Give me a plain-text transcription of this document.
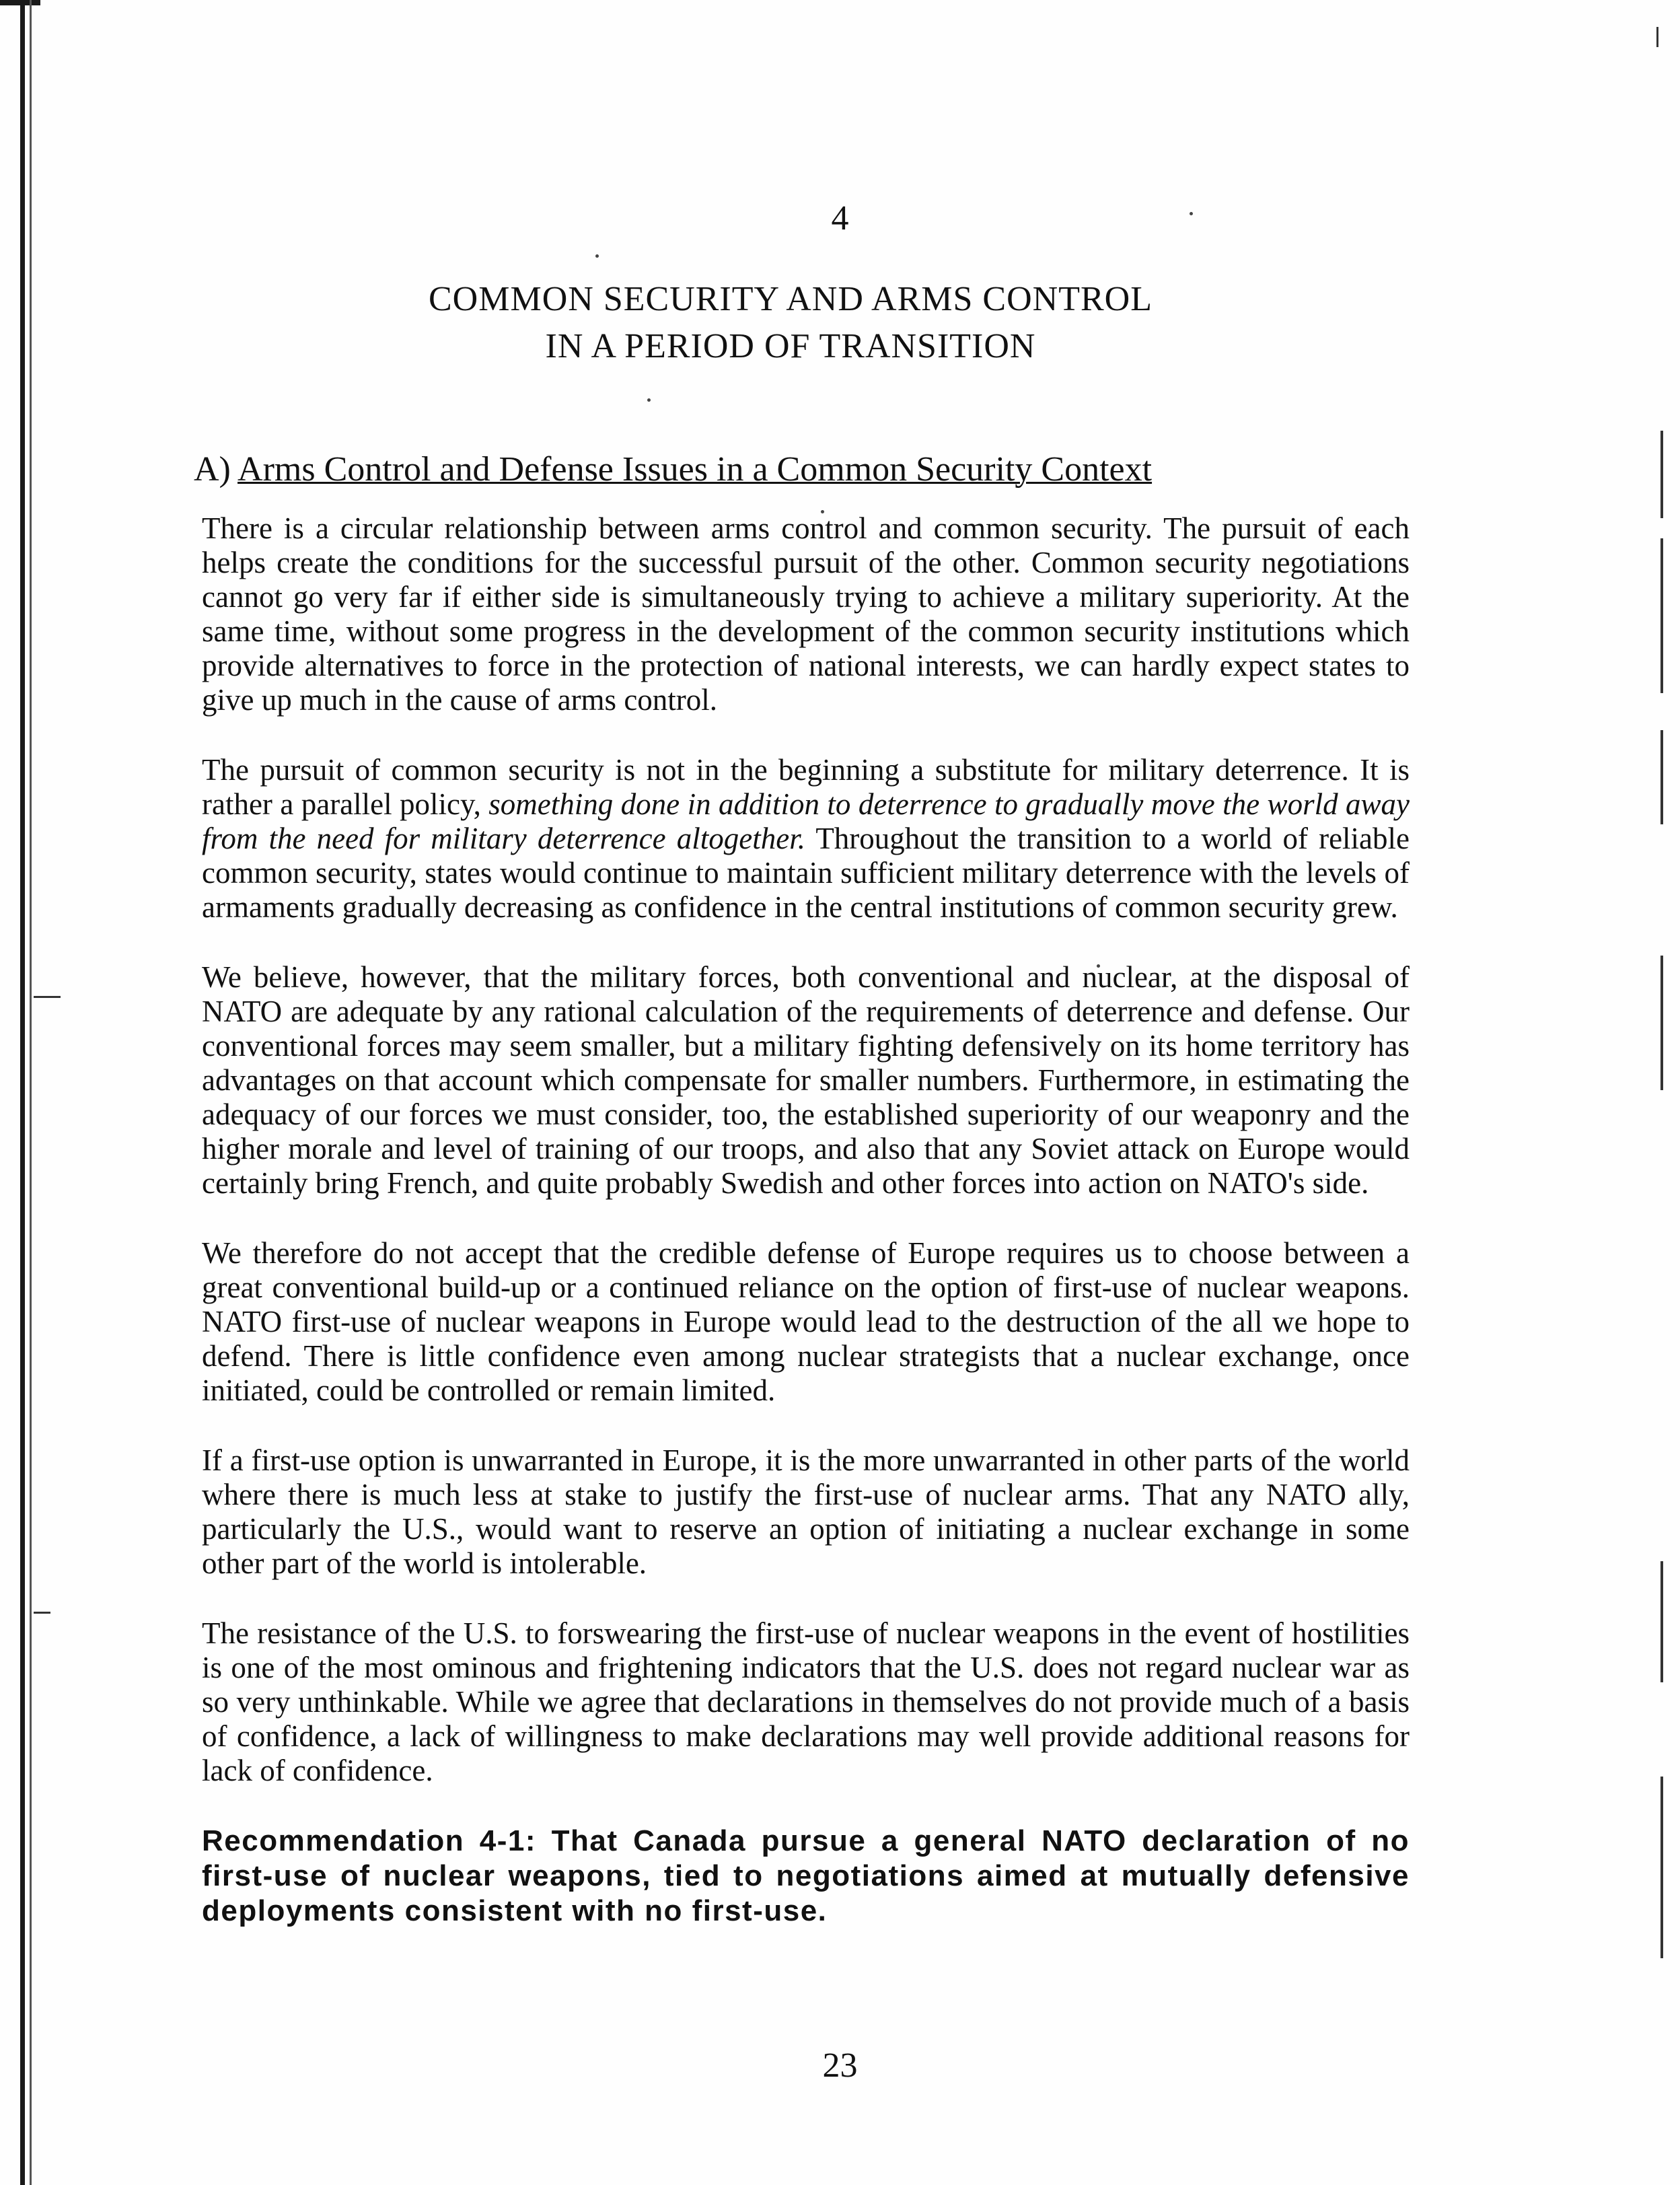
4
COMMON SECURITY AND ARMS CONTROL
IN A PERIOD OF TRANSITION
A) Arms Control and Defense Issues in a Common Security Context

There is a circular relationship between arms control and common security. The pursuit of each helps create the conditions for the successful pursuit of the other. Common security negotiations cannot go very far if either side is simultaneously trying to achieve a military superiority. At the same time, without some progress in the development of the common security institutions which provide alternatives to force in the protection of national interests, we can hardly expect states to give up much in the cause of arms control.

The pursuit of common security is not in the beginning a substitute for military deterrence. It is rather a parallel policy, something done in addition to deterrence to gradually move the world away from the need for military deterrence altogether. Throughout the transition to a world of reliable common security, states would continue to maintain sufficient military deterrence with the levels of armaments gradually decreasing as confidence in the central institutions of common security grew.

We believe, however, that the military forces, both conventional and nuclear, at the disposal of NATO are adequate by any rational calculation of the requirements of deterrence and defense. Our conventional forces may seem smaller, but a military fighting defensively on its home territory has advantages on that account which compensate for smaller numbers. Furthermore, in estimating the adequacy of our forces we must consider, too, the established superiority of our weaponry and the higher morale and level of training of our troops, and also that any Soviet attack on Europe would certainly bring French, and quite probably Swedish and other forces into action on NATO's side.

We therefore do not accept that the credible defense of Europe requires us to choose between a great conventional build-up or a continued reliance on the option of first-use of nuclear weapons. NATO first-use of nuclear weapons in Europe would lead to the destruction of the all we hope to defend. There is little confidence even among nuclear strategists that a nuclear exchange, once initiated, could be controlled or remain limited.

If a first-use option is unwarranted in Europe, it is the more unwarranted in other parts of the world where there is much less at stake to justify the first-use of nuclear arms. That any NATO ally, particularly the U.S., would want to reserve an option of initiating a nuclear exchange in some other part of the world is intolerable.

The resistance of the U.S. to forswearing the first-use of nuclear weapons in the event of hostilities is one of the most ominous and frightening indicators that the U.S. does not regard nuclear war as so very unthinkable. While we agree that declarations in themselves do not provide much of a basis of confidence, a lack of willingness to make declarations may well provide additional reasons for lack of confidence.

Recommendation 4-1: That Canada pursue a general NATO declaration of no first-use of nuclear weapons, tied to negotiations aimed at mutually defensive deployments consistent with no first-use.

23
